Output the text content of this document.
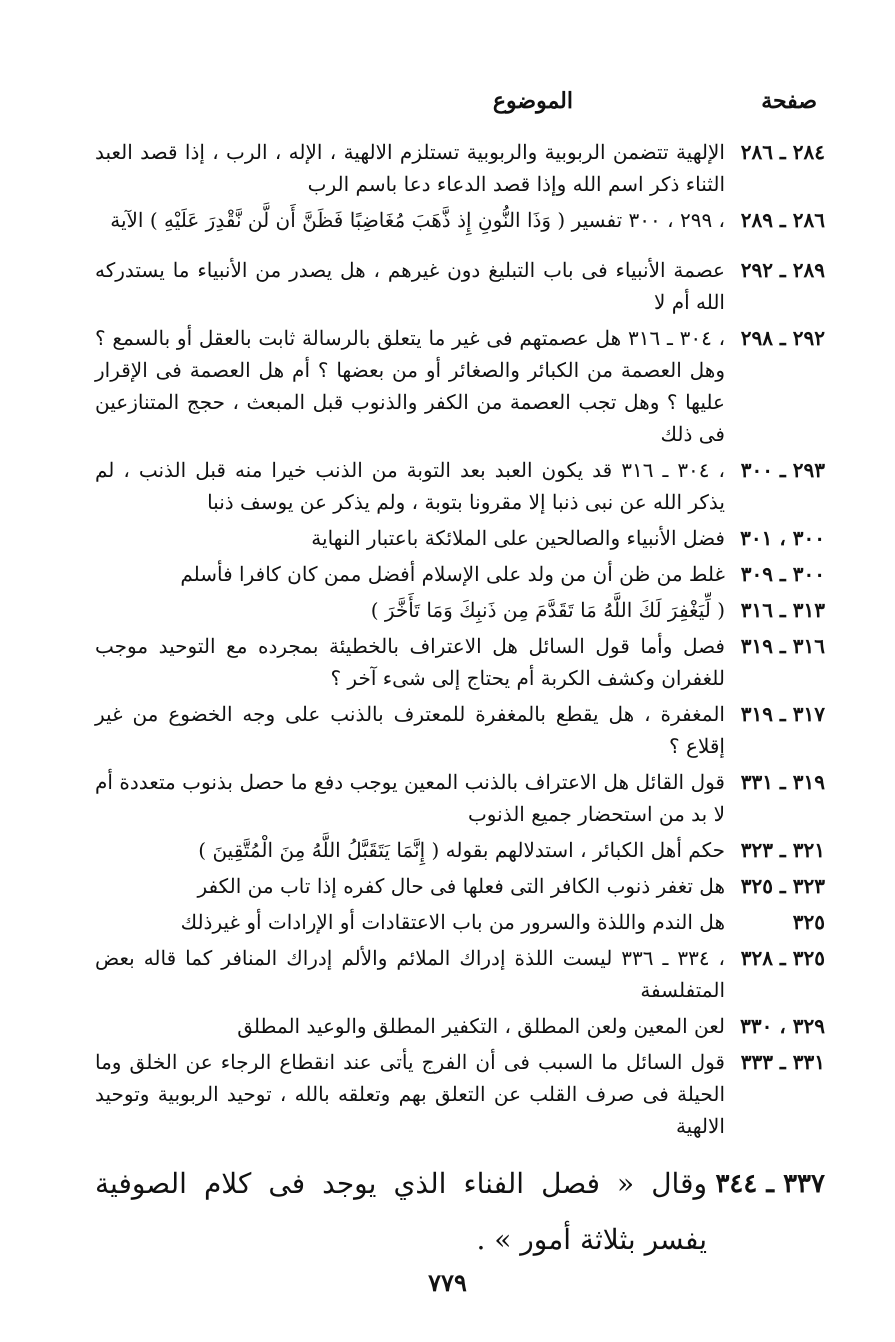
صفحة
الموضوع
٢٨٤ ـ ٢٨٦
الإلهية تتضمن الربوبية والربوبية تستلزم الالهية ، الإله ، الرب ، إذا قصد العبد الثناء ذكر اسم الله وإذا قصد الدعاء دعا باسم الرب
٢٨٦ ـ ٢٨٩
، ٢٩٩ ، ٣٠٠ تفسير ( وَذَا النُّونِ إِذ ذَّهَبَ مُغَاضِبًا فَظَنَّ أَن لَّن نَّقْدِرَ عَلَيْهِ ) الآية
٢٨٩ ـ ٢٩٢
عصمة الأنبياء فى باب التبليغ دون غيرهم ، هل يصدر من الأنبياء ما يستدركه الله أم لا
٢٩٢ ـ ٢٩٨
، ٣٠٤ ـ ٣١٦ هل عصمتهم فى غير ما يتعلق بالرسالة ثابت بالعقل أو بالسمع ؟ وهل العصمة من الكبائر والصغائر أو من بعضها ؟ أم هل العصمة فى الإقرار عليها ؟ وهل تجب العصمة من الكفر والذنوب قبل المبعث ، حجج المتنازعين فى ذلك
٢٩٣ ـ ٣٠٠
، ٣٠٤ ـ ٣١٦ قد يكون العبد بعد التوبة من الذنب خيرا منه قبل الذنب ، لم يذكر الله عن نبى ذنبا إلا مقرونا بتوبة ، ولم يذكر عن يوسف ذنبا
٣٠٠ ، ٣٠١
فضل الأنبياء والصالحين على الملائكة باعتبار النهاية
٣٠٠ ـ ٣٠٩
غلط من ظن أن من ولد على الإسلام أفضل ممن كان كافرا فأسلم
٣١٣ ـ ٣١٦
( لِّيَغْفِرَ لَكَ اللَّهُ مَا تَقَدَّمَ مِن ذَنبِكَ وَمَا تَأَخَّرَ )
٣١٦ ـ ٣١٩
فصل وأما قول السائل هل الاعتراف بالخطيئة بمجرده مع التوحيد موجب للغفران وكشف الكربة أم يحتاج إلى شىء آخر ؟
٣١٧ ـ ٣١٩
المغفرة ، هل يقطع بالمغفرة للمعترف بالذنب على وجه الخضوع من غير إقلاع ؟
٣١٩ ـ ٣٣١
قول القائل هل الاعتراف بالذنب المعين يوجب دفع ما حصل بذنوب متعددة أم لا بد من استحضار جميع الذنوب
٣٢١ ـ ٣٢٣
حكم أهل الكبائر ، استدلالهم بقوله ( إِنَّمَا يَتَقَبَّلُ اللَّهُ مِنَ الْمُتَّقِينَ )
٣٢٣ ـ ٣٢٥
هل تغفر ذنوب الكافر التى فعلها فى حال كفره إذا تاب من الكفر
٣٢٥
هل الندم واللذة والسرور من باب الاعتقادات أو الإرادات أو غيرذلك
٣٢٥ ـ ٣٢٨
، ٣٣٤ ـ ٣٣٦ ليست اللذة إدراك الملائم والألم إدراك المنافر كما قاله بعض المتفلسفة
٣٢٩ ، ٣٣٠
لعن المعين ولعن المطلق ، التكفير المطلق والوعيد المطلق
٣٣١ ـ ٣٣٣
قول السائل ما السبب فى أن الفرج يأتى عند انقطاع الرجاء عن الخلق وما الحيلة فى صرف القلب عن التعلق بهم وتعلقه بالله ، توحيد الربوبية وتوحيد الالهية
٣٣٧ ـ ٣٤٤
وقال « فصل الفناء الذي يوجد فى كلام الصوفية يفسر بثلاثة أمور » .
٧٧٩
